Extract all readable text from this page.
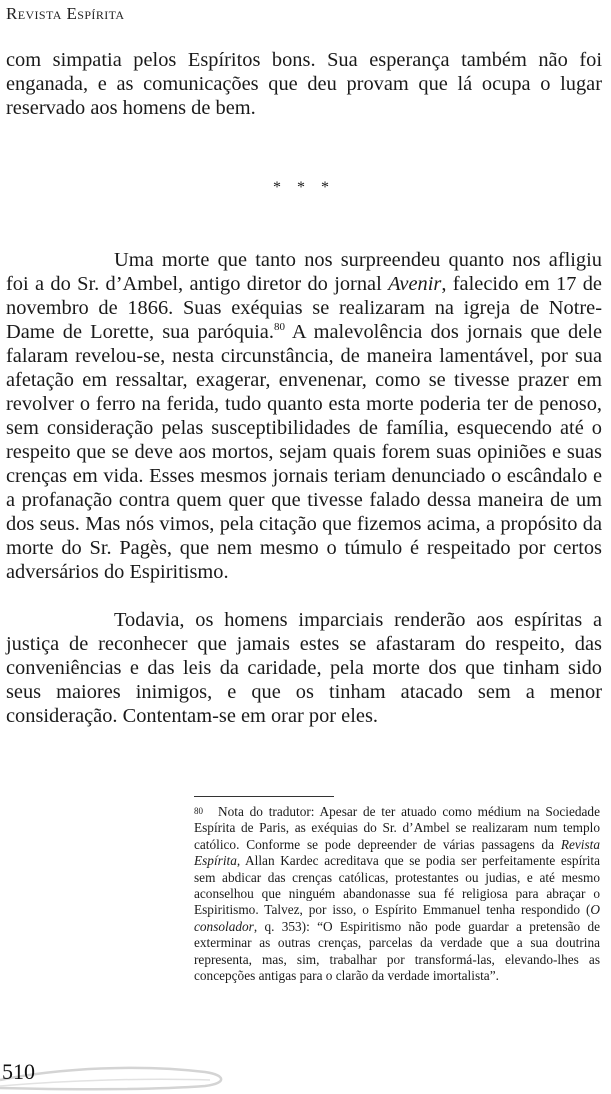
Revista Espírita

com simpatia pelos Espíritos bons. Sua esperança também não foi enganada, e as comunicações que deu provam que lá ocupa o lugar reservado aos homens de bem.

* * *

Uma morte que tanto nos surpreendeu quanto nos afligiu foi a do Sr. d’Ambel, antigo diretor do jornal Avenir, falecido em 17 de novembro de 1866. Suas exéquias se realizaram na igreja de Notre-Dame de Lorette, sua paróquia.$^{80}$ A malevolência dos jornais que dele falaram revelou-se, nesta circunstância, de maneira lamentável, por sua afetação em ressaltar, exagerar, envenenar, como se tivesse prazer em revolver o ferro na ferida, tudo quanto esta morte poderia ter de penoso, sem consideração pelas susceptibilidades de família, esquecendo até o respeito que se deve aos mortos, sejam quais forem suas opiniões e suas crenças em vida. Esses mesmos jornais teriam denunciado o escândalo e a profanação contra quem quer que tivesse falado dessa maneira de um dos seus. Mas nós vimos, pela citação que fizemos acima, a propósito da morte do Sr. Pagès, que nem mesmo o túmulo é respeitado por certos adversários do Espiritismo.

Todavia, os homens imparciais renderão aos espíritas a justiça de reconhecer que jamais estes se afastaram do respeito, das conveniências e das leis da caridade, pela morte dos que tinham sido seus maiores inimigos, e que os tinham atacado sem a menor consideração. Contentam-se em orar por eles.

80 Nota do tradutor: Apesar de ter atuado como médium na Sociedade Espírita de Paris, as exéquias do Sr. d’Ambel se realizaram num templo católico. Conforme se pode depreender de várias passagens da Revista Espírita, Allan Kardec acreditava que se podia ser perfeitamente espírita sem abdicar das crenças católicas, protestantes ou judias, e até mesmo aconselhou que ninguém abandonasse sua fé religiosa para abraçar o Espiritismo. Talvez, por isso, o Espírito Emmanuel tenha respondido (O consolador, q. 353): “O Espiritismo não pode guardar a pretensão de exterminar as outras crenças, parcelas da verdade que a sua doutrina representa, mas, sim, trabalhar por transformá-las, elevando-lhes as concepções antigas para o clarão da verdade imortalista”.
510
